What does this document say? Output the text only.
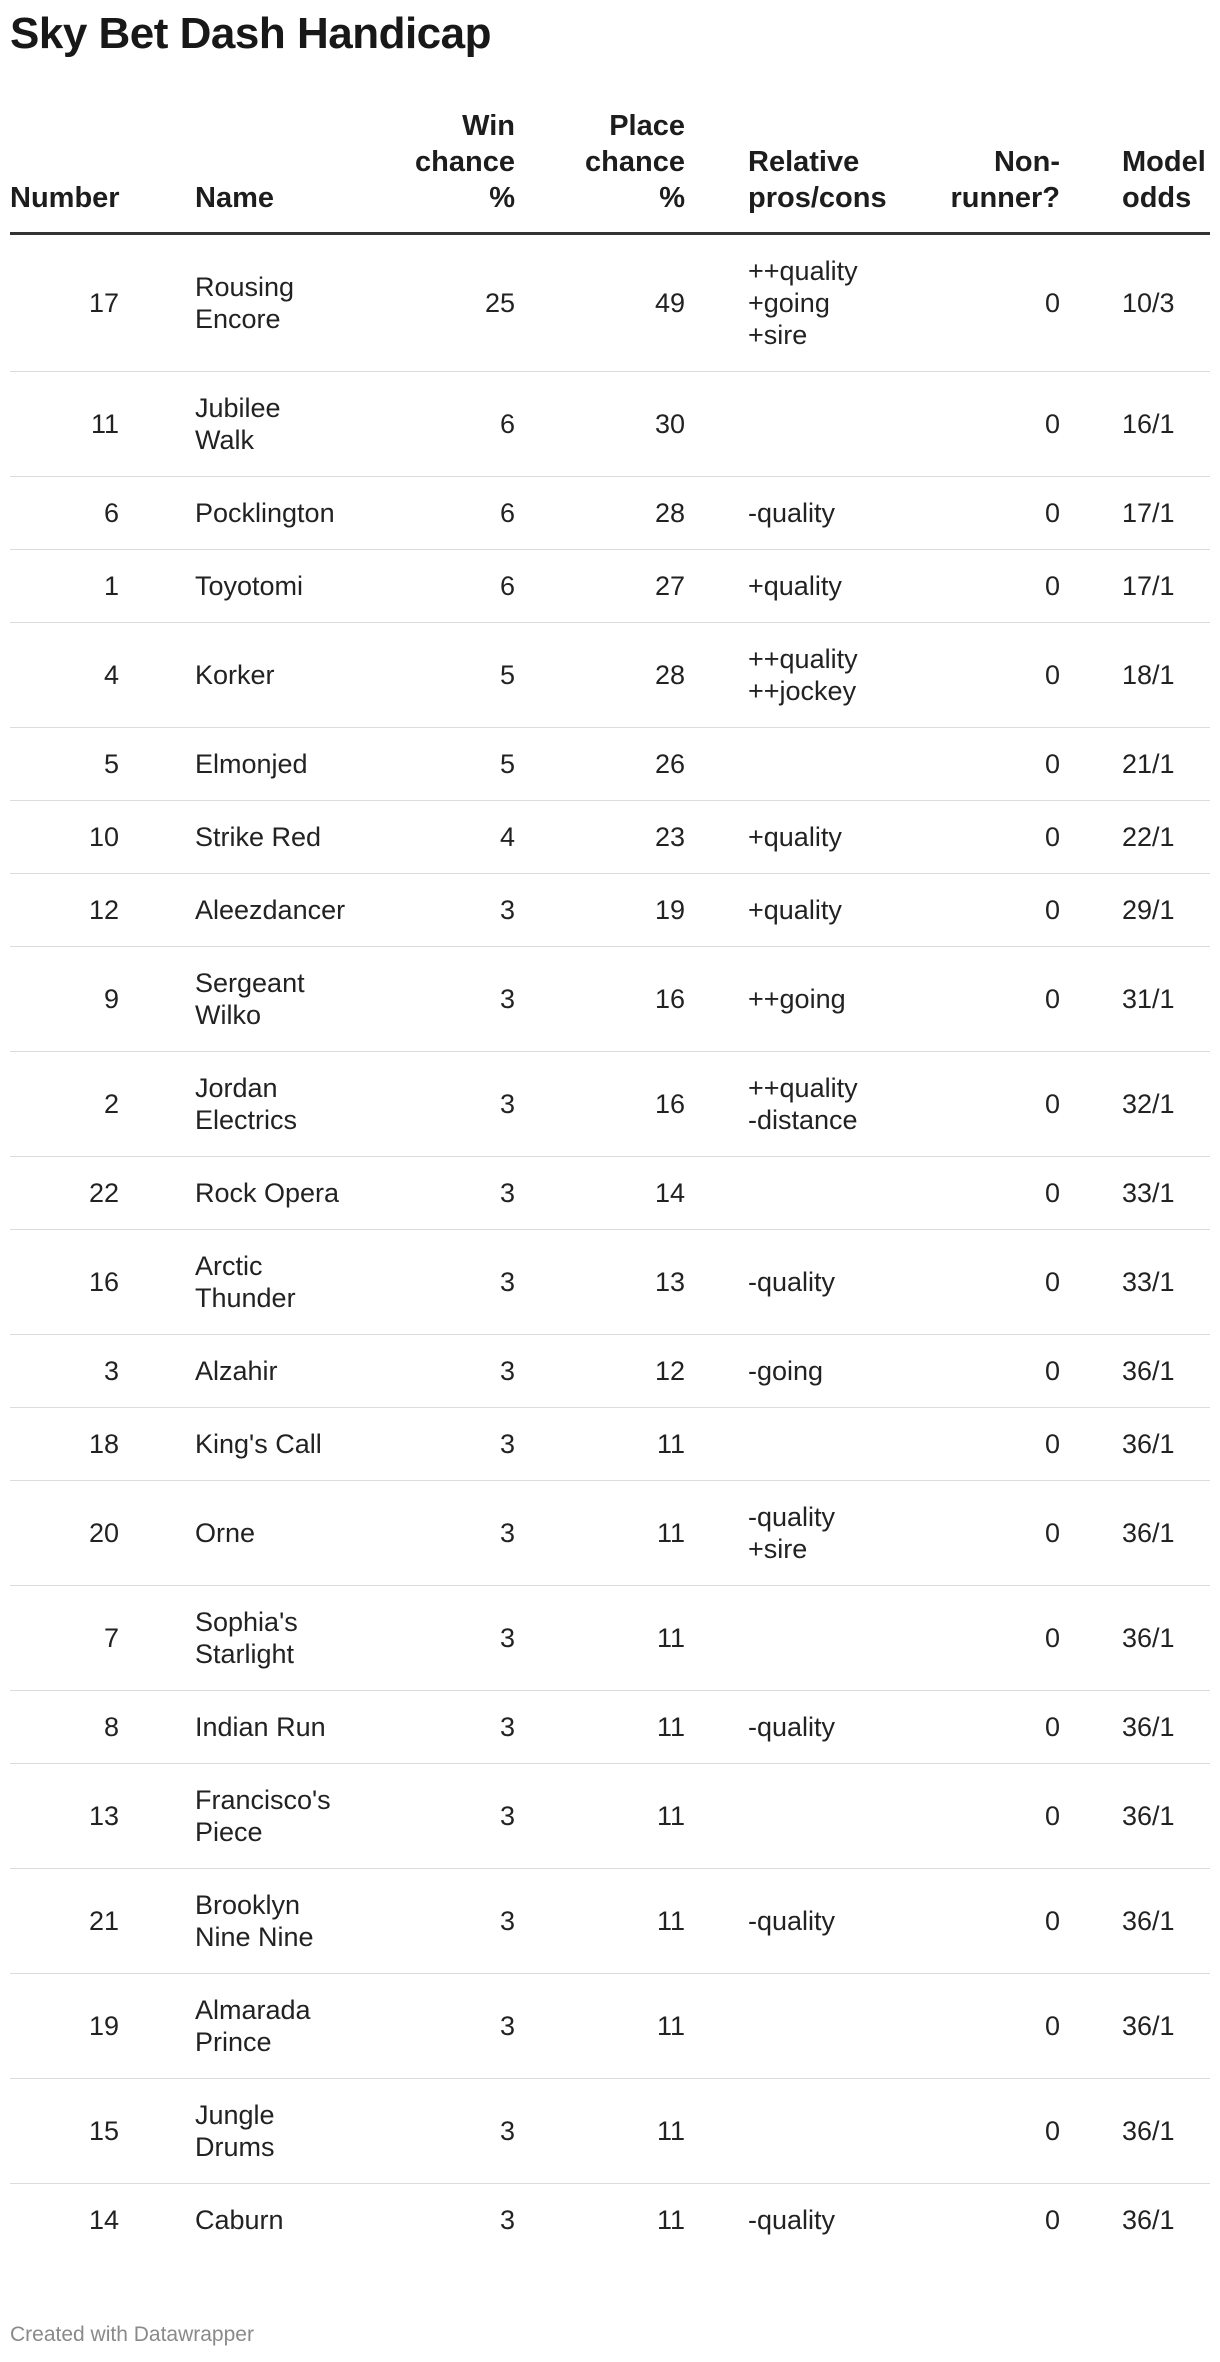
Sky Bet Dash Handicap
Number	Name	Win
chance
%	Place
chance
%	Relative
pros/cons	Non-
runner?	Model
odds

17	Rousing
Encore	25	49	++quality
+going
+sire	0	10/3
11	Jubilee
Walk	6	30		0	16/1
6	Pocklington	6	28	-quality	0	17/1
1	Toyotomi	6	27	+quality	0	17/1
4	Korker	5	28	++quality
++jockey	0	18/1
5	Elmonjed	5	26		0	21/1
10	Strike Red	4	23	+quality	0	22/1
12	Aleezdancer	3	19	+quality	0	29/1
9	Sergeant
Wilko	3	16	++going	0	31/1
2	Jordan
Electrics	3	16	++quality
-distance	0	32/1
22	Rock Opera	3	14		0	33/1
16	Arctic
Thunder	3	13	-quality	0	33/1
3	Alzahir	3	12	-going	0	36/1
18	King's Call	3	11		0	36/1
20	Orne	3	11	-quality
+sire	0	36/1
7	Sophia's
Starlight	3	11		0	36/1
8	Indian Run	3	11	-quality	0	36/1
13	Francisco's
Piece	3	11		0	36/1
21	Brooklyn
Nine Nine	3	11	-quality	0	36/1
19	Almarada
Prince	3	11		0	36/1
15	Jungle
Drums	3	11		0	36/1
14	Caburn	3	11	-quality	0	36/1
Created with Datawrapper
